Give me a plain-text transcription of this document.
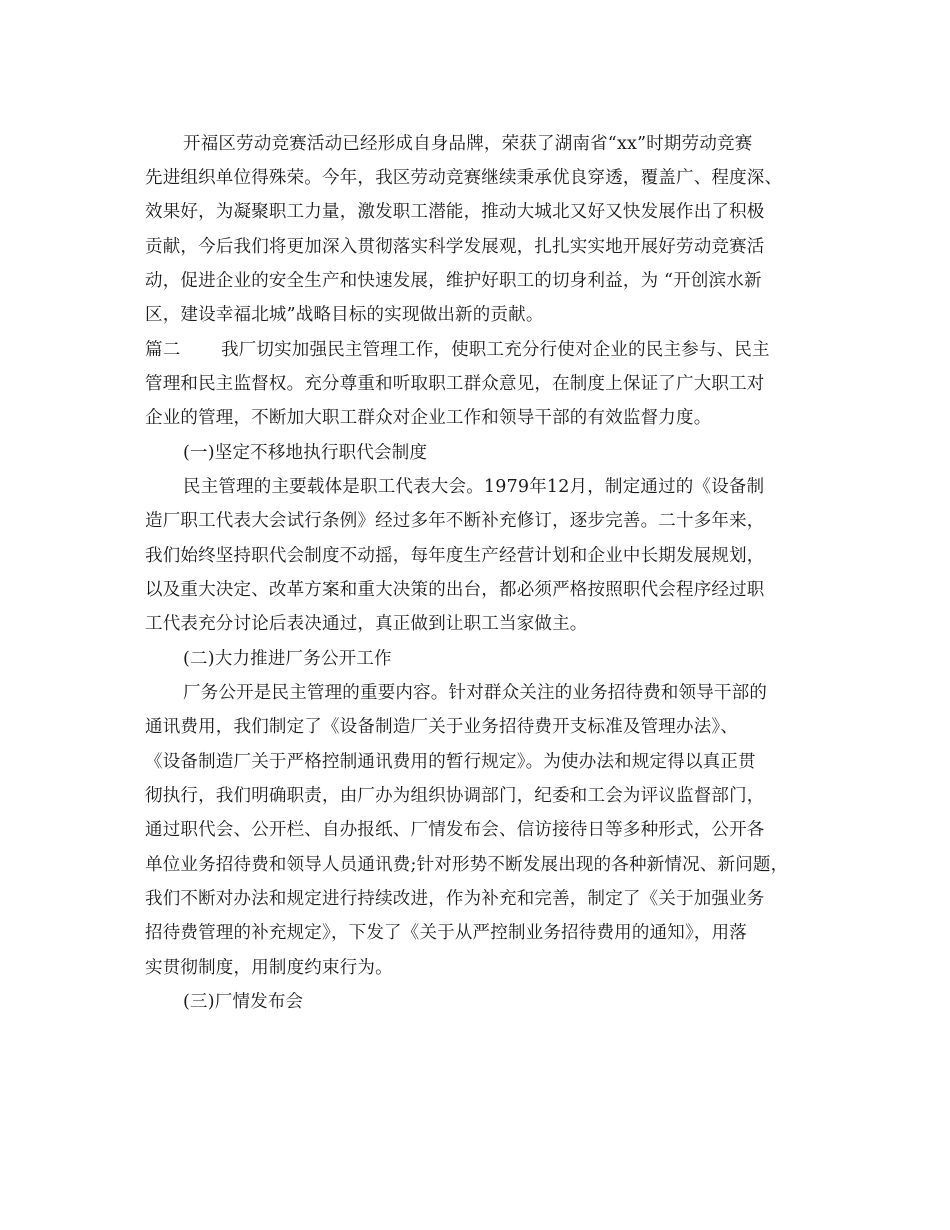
开福区劳动竞赛活动已经形成自身品牌，荣获了湖南省“xx”时期劳动竞赛
先进组织单位得殊荣。今年，我区劳动竞赛继续秉承优良穿透，覆盖广、程度深、
效果好，为凝聚职工力量，激发职工潜能，推动大城北又好又快发展作出了积极
贡献，今后我们将更加深入贯彻落实科学发展观，扎扎实实地开展好劳动竞赛活
动，促进企业的安全生产和快速发展，维护好职工的切身利益，为 “开创滨水新
区，建设幸福北城”战略目标的实现做出新的贡献。
篇二 我厂切实加强民主管理工作，使职工充分行使对企业的民主参与、民主
管理和民主监督权。充分尊重和听取职工群众意见，在制度上保证了广大职工对
企业的管理，不断加大职工群众对企业工作和领导干部的有效监督力度。
(一)坚定不移地执行职代会制度
民主管理的主要载体是职工代表大会。1979年12月，制定通过的《设备制
造厂职工代表大会试行条例》经过多年不断补充修订，逐步完善。二十多年来，
我们始终坚持职代会制度不动摇，每年度生产经营计划和企业中长期发展规划，
以及重大决定、改革方案和重大决策的出台，都必须严格按照职代会程序经过职
工代表充分讨论后表决通过，真正做到让职工当家做主。
(二)大力推进厂务公开工作
厂务公开是民主管理的重要内容。针对群众关注的业务招待费和领导干部的
通讯费用，我们制定了《设备制造厂关于业务招待费开支标准及管理办法》、
《设备制造厂关于严格控制通讯费用的暂行规定》。为使办法和规定得以真正贯
彻执行，我们明确职责，由厂办为组织协调部门，纪委和工会为评议监督部门，
通过职代会、公开栏、自办报纸、厂情发布会、信访接待日等多种形式，公开各
单位业务招待费和领导人员通讯费;针对形势不断发展出现的各种新情况、新问题，
我们不断对办法和规定进行持续改进，作为补充和完善，制定了《关于加强业务
招待费管理的补充规定》，下发了《关于从严控制业务招待费用的通知》，用落
实贯彻制度，用制度约束行为。
(三)厂情发布会
